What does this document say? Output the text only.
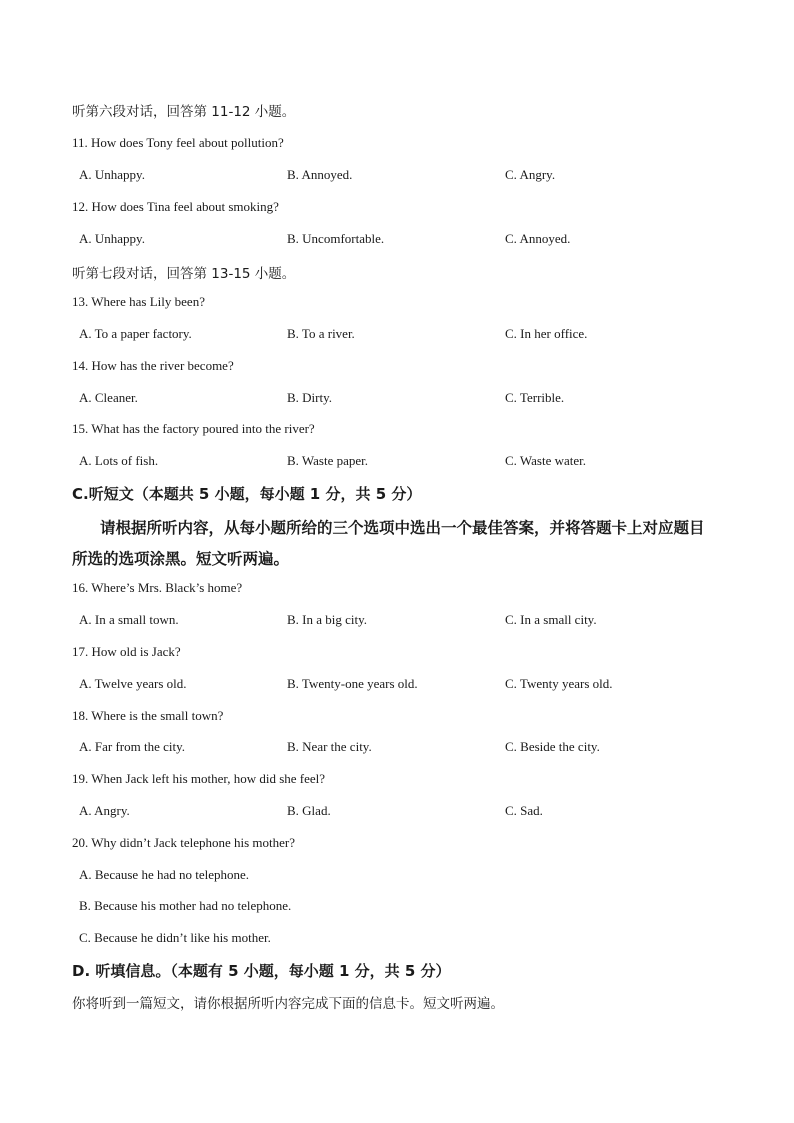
听第六段对话，回答第 11-12 小题。
11. How does Tony feel about pollution?
A. Unhappy.	B. Annoyed.	C. Angry.
12. How does Tina feel about smoking?
A. Unhappy.	B. Uncomfortable.	C. Annoyed.
听第七段对话，回答第 13-15 小题。
13. Where has Lily been?
A. To a paper factory.	B. To a river.	C. In her office.
14. How has the river become?
A. Cleaner.	B. Dirty.	C. Terrible.
15. What has the factory poured into the river?
A. Lots of fish.	B. Waste paper.	C. Waste water.
C.听短文（本题共 5 小题，每小题 1 分，共 5 分）
请根据所听内容，从每小题所给的三个选项中选出一个最佳答案，并将答题卡上对应题目
所选的选项涂黑。短文听两遍。
16. Where’s Mrs. Black’s home?
A. In a small town.	B. In a big city.	C. In a small city.
17. How old is Jack?
A. Twelve years old.	B. Twenty-one years old.	C. Twenty years old.
18. Where is the small town?
A. Far from the city.	B. Near the city.	C. Beside the city.
19. When Jack left his mother, how did she feel?
A. Angry.	B. Glad.	C. Sad.
20. Why didn’t Jack telephone his mother?
A. Because he had no telephone.
B. Because his mother had no telephone.
C. Because he didn’t like his mother.
D. 听填信息。（本题有 5 小题，每小题 1 分，共 5 分）
你将听到一篇短文，请你根据所听内容完成下面的信息卡。短文听两遍。
